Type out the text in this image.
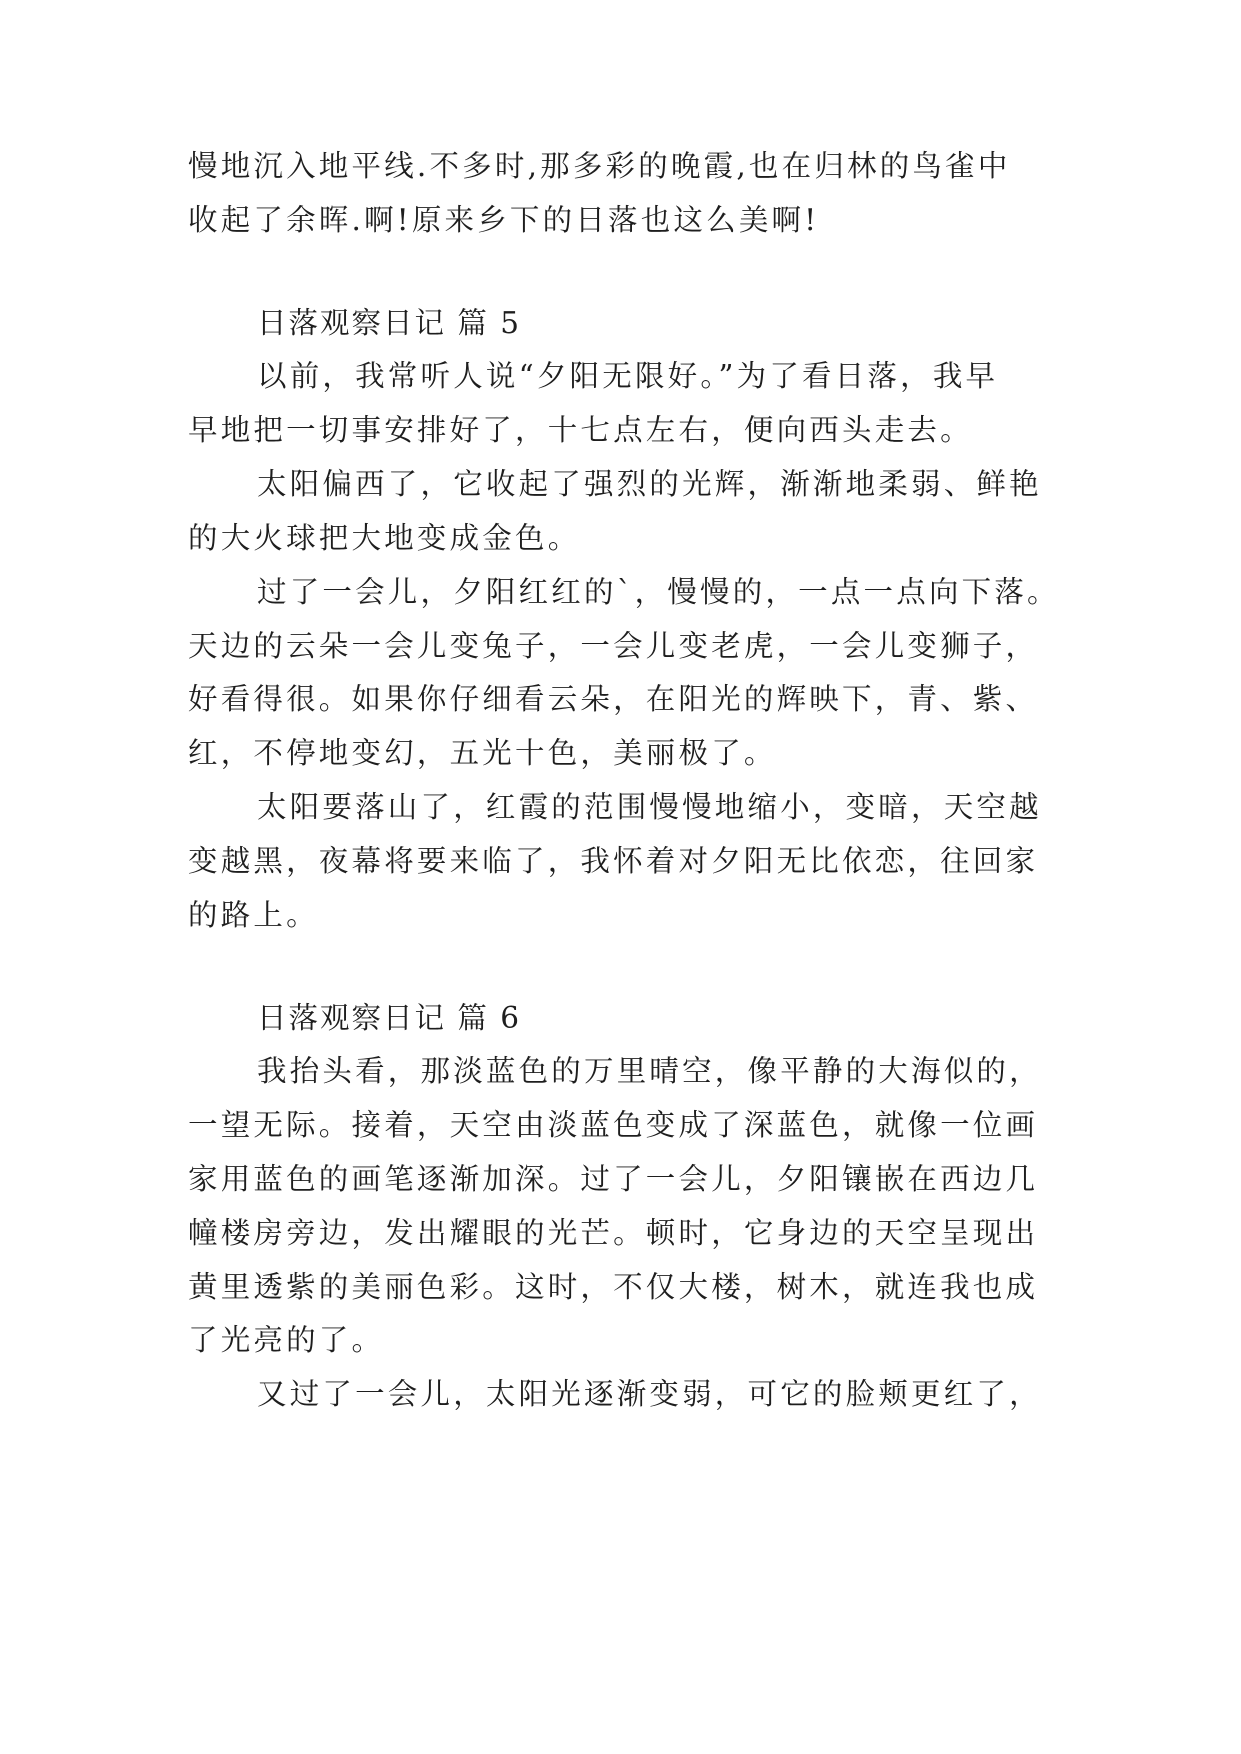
慢地沉入地平线.不多时,那多彩的晚霞,也在归林的鸟雀中

收起了余晖.啊!原来乡下的日落也这么美啊!

日落观察日记 篇 5

以前，我常听人说“夕阳无限好。”为了看日落，我早

早地把一切事安排好了，十七点左右，便向西头走去。

太阳偏西了，它收起了强烈的光辉，渐渐地柔弱、鲜艳

的大火球把大地变成金色。

过了一会儿，夕阳红红的`，慢慢的，一点一点向下落。

天边的云朵一会儿变兔子，一会儿变老虎，一会儿变狮子，

好看得很。如果你仔细看云朵，在阳光的辉映下，青、紫、

红，不停地变幻，五光十色，美丽极了。

太阳要落山了，红霞的范围慢慢地缩小，变暗，天空越

变越黑，夜幕将要来临了，我怀着对夕阳无比依恋，往回家

的路上。

日落观察日记 篇 6

我抬头看，那淡蓝色的万里晴空，像平静的大海似的，

一望无际。接着，天空由淡蓝色变成了深蓝色，就像一位画

家用蓝色的画笔逐渐加深。过了一会儿，夕阳镶嵌在西边几

幢楼房旁边，发出耀眼的光芒。顿时，它身边的天空呈现出

黄里透紫的美丽色彩。这时，不仅大楼，树木，就连我也成

了光亮的了。

又过了一会儿，太阳光逐渐变弱，可它的脸颊更红了，
